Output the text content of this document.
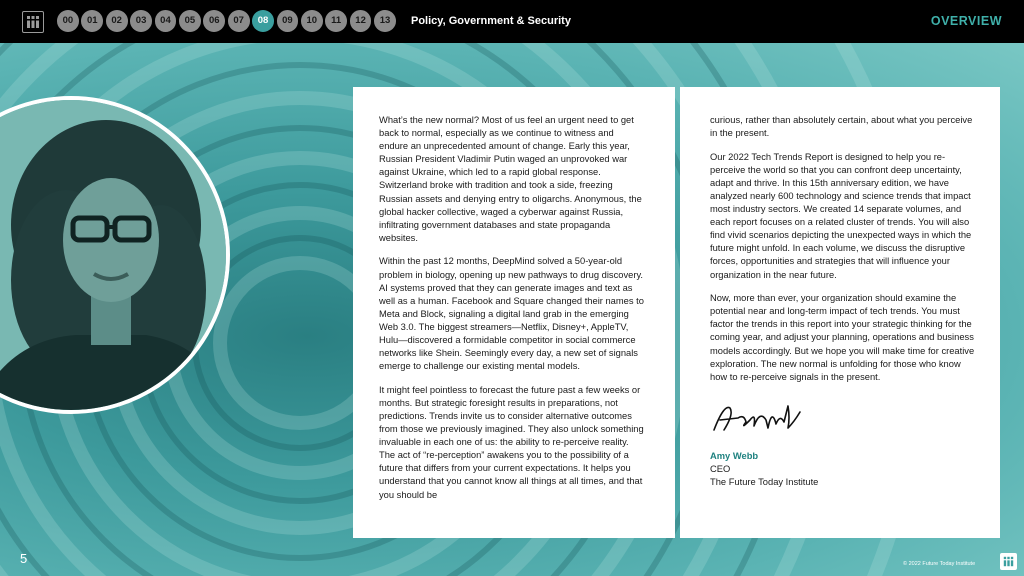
00	01	02	03	04	05	06	07	08	09	10	11	12	13	Policy, Government & Security	OVERVIEW

What’s the new normal? Most of us feel an urgent need to get back to normal, especially as we continue to witness and endure an unprecedented amount of change. Early this year, Russian President Vladimir Putin waged an unprovoked war against Ukraine, which led to a rapid global response. Switzerland broke with tradition and took a side, freezing Russian assets and denying entry to oligarchs. Anonymous, the global hacker collective, waged a cyberwar against Russia, infiltrating government databases and state propaganda websites.

Within the past 12 months, DeepMind solved a 50-year-old problem in biology, opening up new pathways to drug discovery. AI systems proved that they can generate images and text as well as a human. Facebook and Square changed their names to Meta and Block, signaling a digital land grab in the emerging Web 3.0. The biggest streamers—Netflix, Disney+, AppleTV, Hulu—discovered a formidable competitor in social commerce networks like Shein. Seemingly every day, a new set of signals emerge to challenge our existing mental models.

It might feel pointless to forecast the future past a few weeks or months. But strategic foresight results in preparations, not predictions. Trends invite us to consider alternative outcomes from those we previously imagined. They also unlock something invaluable in each one of us: the ability to re-perceive reality. The act of “re-perception” awakens you to the possibility of a future that differs from your current expectations. It helps you understand that you cannot know all things at all times, and that you should be

curious, rather than absolutely certain, about what you perceive in the present.

Our 2022 Tech Trends Report is designed to help you re-perceive the world so that you can confront deep uncertainty, adapt and thrive. In this 15th anniversary edition, we have analyzed nearly 600 technology and science trends that impact most industry sectors. We created 14 separate volumes, and each report focuses on a related cluster of trends. You will also find vivid scenarios depicting the unexpected ways in which the future might unfold. In each volume, we discuss the disruptive forces, opportunities and strategies that will influence your organization in the near future.

Now, more than ever, your organization should examine the potential near and long-term impact of tech trends. You must factor the trends in this report into your strategic thinking for the coming year, and adjust your planning, operations and business models accordingly. But we hope you will make time for creative exploration. The new normal is unfolding for those who know how to re-perceive signals in the present.

Amy Webb
CEO
The Future Today Institute
5	© 2022 Future Today Institute
